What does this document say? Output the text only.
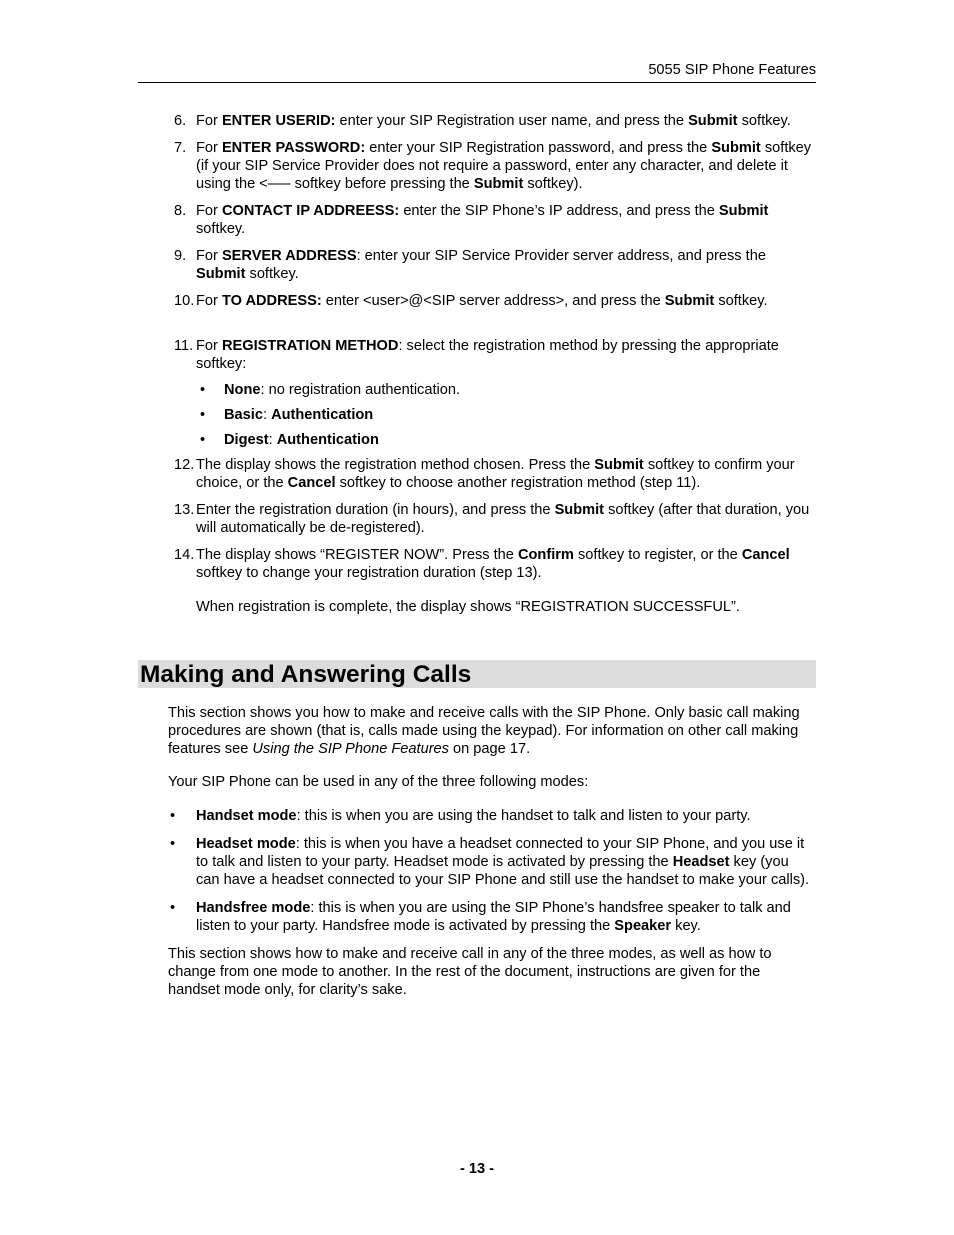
5055 SIP Phone Features
6. For ENTER USERID: enter your SIP Registration user name, and press the Submit softkey.
7. For ENTER PASSWORD: enter your SIP Registration password, and press the Submit softkey (if your SIP Service Provider does not require a password, enter any character, and delete it using the <–— softkey before pressing the Submit softkey).
8. For CONTACT IP ADDREESS: enter the SIP Phone’s IP address, and press the Submit softkey.
9. For SERVER ADDRESS: enter your SIP Service Provider server address, and press the Submit softkey.
10. For TO ADDRESS: enter <user>@<SIP server address>, and press the Submit softkey.
11. For REGISTRATION METHOD: select the registration method by pressing the appropriate softkey:
•	None: no registration authentication.
•	Basic: Authentication
•	Digest: Authentication
12. The display shows the registration method chosen. Press the Submit softkey to confirm your choice, or the Cancel softkey to choose another registration method (step 11).
13. Enter the registration duration (in hours), and press the Submit softkey (after that duration, you will automatically be de-registered).
14. The display shows “REGISTER NOW”. Press the Confirm softkey to register, or the Cancel softkey to change your registration duration (step 13).
When registration is complete, the display shows “REGISTRATION SUCCESSFUL”.
Making and Answering Calls

This section shows you how to make and receive calls with the SIP Phone. Only basic call making procedures are shown (that is, calls made using the keypad). For information on other call making features see Using the SIP Phone Features on page 17.

Your SIP Phone can be used in any of the three following modes:

•	Handset mode: this is when you are using the handset to talk and listen to your party.
•	Headset mode: this is when you have a headset connected to your SIP Phone, and you use it to talk and listen to your party. Headset mode is activated by pressing the Headset key (you can have a headset connected to your SIP Phone and still use the handset to make your calls).
•	Handsfree mode: this is when you are using the SIP Phone’s handsfree speaker to talk and listen to your party. Handsfree mode is activated by pressing the Speaker key.

This section shows how to make and receive call in any of the three modes, as well as how to change from one mode to another. In the rest of the document, instructions are given for the handset mode only, for clarity’s sake.

- 13 -
